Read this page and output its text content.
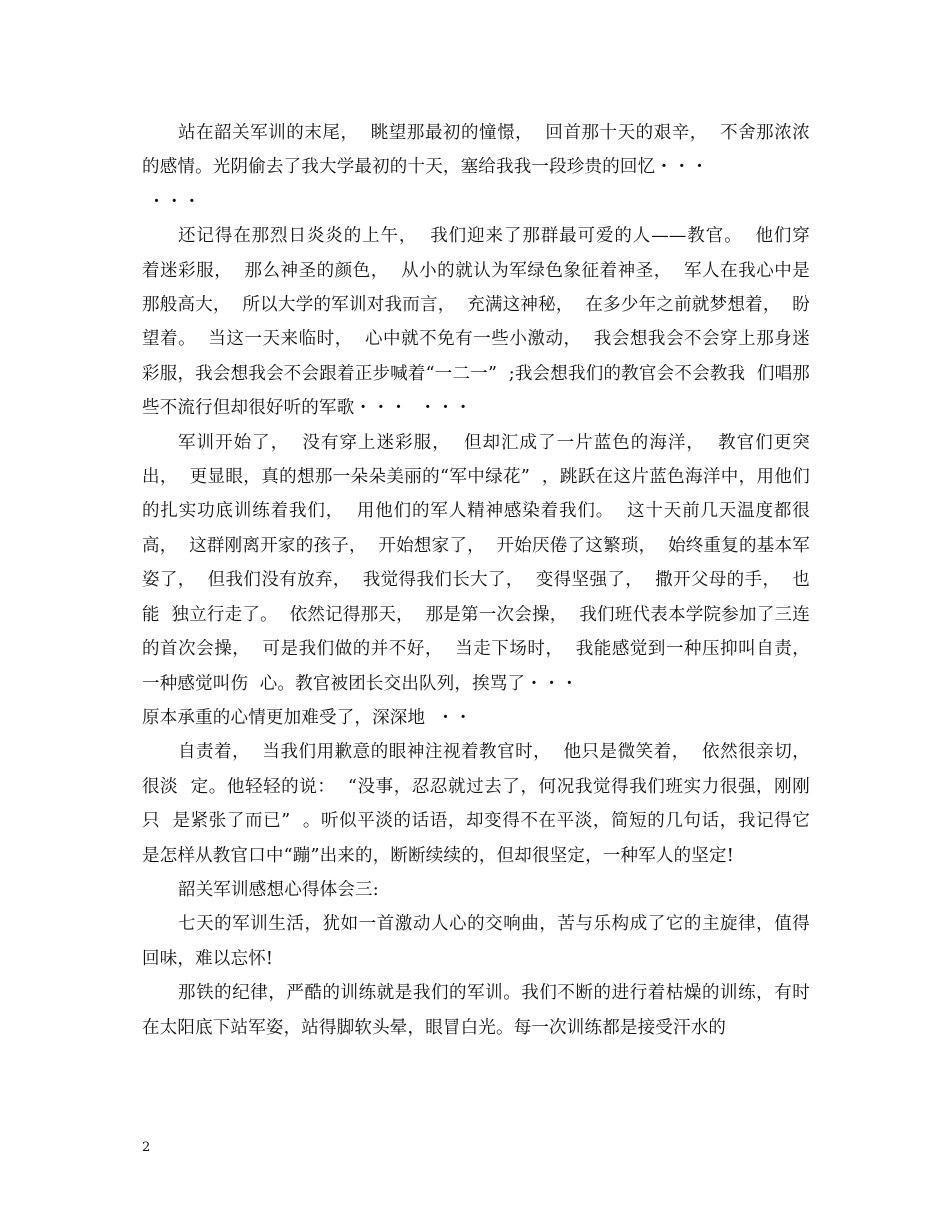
站在韶关军训的末尾，  眺望那最初的憧憬，  回首那十天的艰辛，  不舍那浓浓  的感情。光阴偷去了我大学最初的十天，塞给我我一段珍贵的回忆・・・
・・・

还记得在那烈日炎炎的上午，  我们迎来了那群最可爱的人——教官。  他们穿  着迷彩服，  那么神圣的颜色，  从小的就认为军绿色象征着神圣，  军人在我心中是  那般高大，  所以大学的军训对我而言，  充满这神秘，  在多少年之前就梦想着，  盼  望着。  当这一天来临时，  心中就不免有一些小激动，  我会想我会不会穿上那身迷  彩服，我会想我会不会跟着正步喊着“一二一”  ;我会想我们的教官会不会教我  们唱那些不流行但却很好听的军歌・・・  ・・・

军训开始了，  没有穿上迷彩服，  但却汇成了一片蓝色的海洋，  教官们更突出，  更显眼，真的想那一朵朵美丽的“军中绿花”  ，跳跃在这片蓝色海洋中，用他们  的扎实功底训练着我们，  用他们的军人精神感染着我们。  这十天前几天温度都很  高，  这群刚离开家的孩子，  开始想家了，  开始厌倦了这繁琐，  始终重复的基本军  姿了，  但我们没有放弃，  我觉得我们长大了，  变得坚强了，  撒开父母的手，  也能  独立行走了。  依然记得那天，  那是第一次会操，  我们班代表本学院参加了三连的首次会操，  可是我们做的并不好，  当走下场时，  我能感觉到一种压抑叫自责，  一种感觉叫伤  心。教官被团长交出队列，挨骂了・・・
原本承重的心情更加难受了，深深地  ・・

自责着，  当我们用歉意的眼神注视着教官时，  他只是微笑着，  依然很亲切，  很淡  定。他轻轻的说：  “没事，忍忍就过去了，何况我觉得我们班实力很强，刚刚只  是紧张了而已”  。听似平淡的话语，却变得不在平淡，简短的几句话，我记得它  是怎样从教官口中“蹦”出来的，断断续续的，但却很坚定，一种军人的坚定!

韶关军训感想心得体会三:

七天的军训生活，犹如一首激动人心的交响曲，苦与乐构成了它的主旋律，值得回味，难以忘怀!

那铁的纪律，严酷的训练就是我们的军训。我们不断的进行着枯燥的训练，有时在太阳底下站军姿，站得脚软头晕，眼冒白光。每一次训练都是接受汗水的

2
